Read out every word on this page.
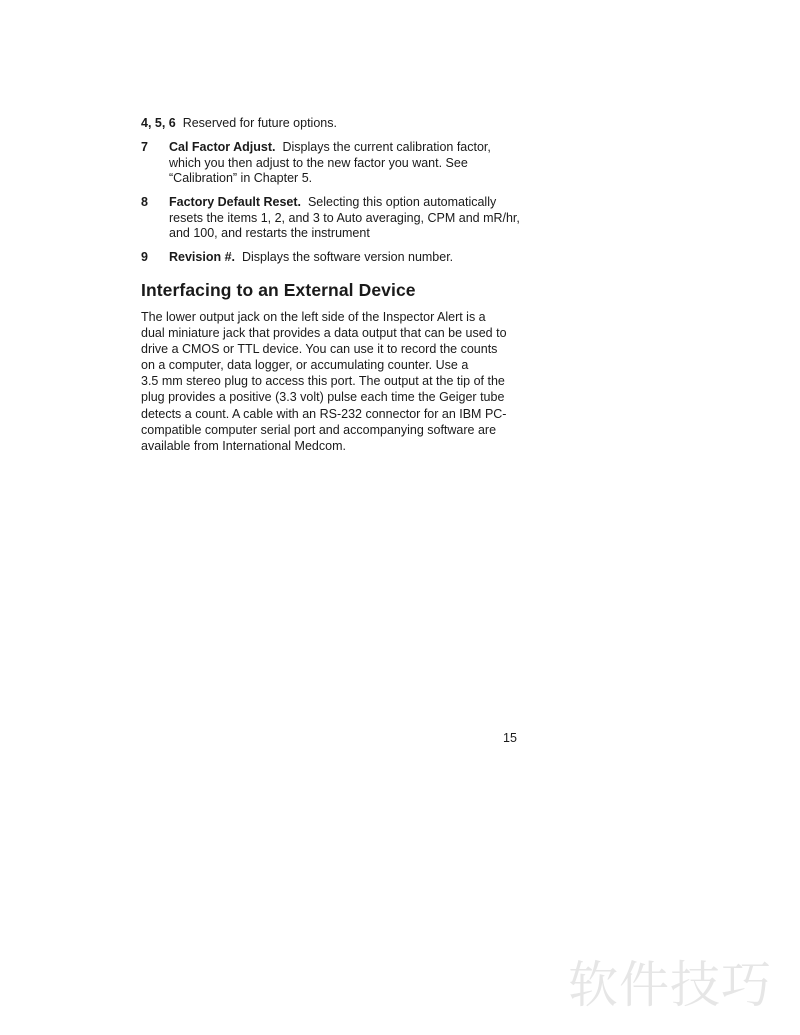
4, 5, 6 Reserved for future options.
7	Cal Factor Adjust. Displays the current calibration factor, which you then adjust to the new factor you want. See “Calibration” in Chapter 5.
8	Factory Default Reset. Selecting this option automatically resets the items 1, 2, and 3 to Auto averaging, CPM and mR/hr, and 100, and restarts the instrument
9	Revision #. Displays the software version number.
Interfacing to an External Device

The lower output jack on the left side of the Inspector Alert is a
dual miniature jack that provides a data output that can be used to
drive a CMOS or TTL device. You can use it to record the counts
on a computer, data logger, or accumulating counter. Use a
3.5 mm stereo plug to access this port. The output at the tip of the
plug provides a positive (3.3 volt) pulse each time the Geiger tube
detects a count. A cable with an RS-232 connector for an IBM PC-
compatible computer serial port and accompanying software are
available from International Medcom.

15
软件技巧
